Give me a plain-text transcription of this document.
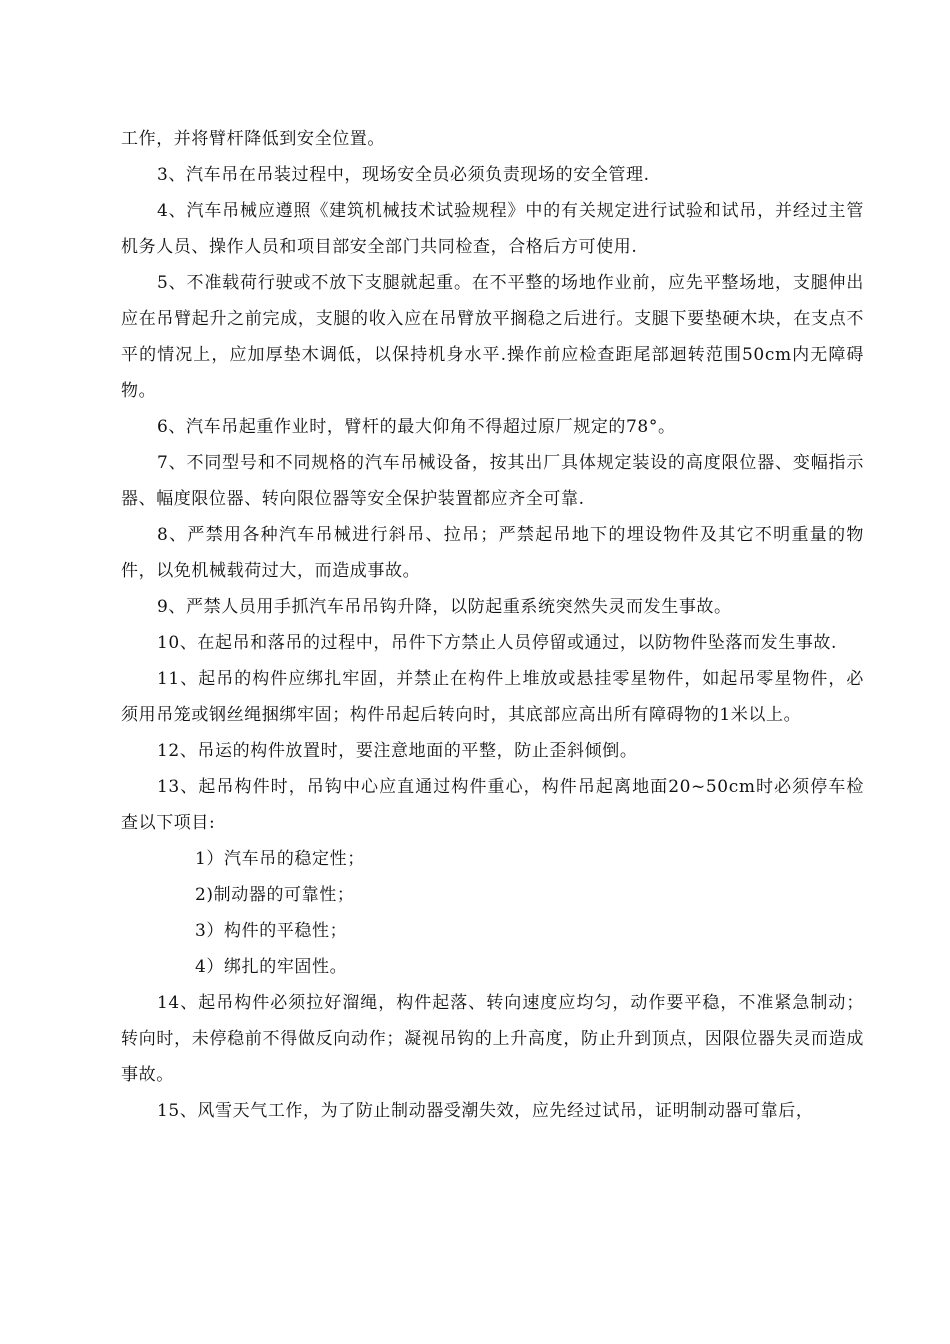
工作，并将臂杆降低到安全位置。

3、汽车吊在吊装过程中，现场安全员必须负责现场的安全管理.

4、汽车吊械应遵照《建筑机械技术试验规程》中的有关规定进行试验和试吊，并经过主管机务人员、操作人员和项目部安全部门共同检查，合格后方可使用.

5、不准载荷行驶或不放下支腿就起重。在不平整的场地作业前，应先平整场地，支腿伸出应在吊臂起升之前完成，支腿的收入应在吊臂放平搁稳之后进行。支腿下要垫硬木块，在支点不平的情况上，应加厚垫木调低，以保持机身水平.操作前应检查距尾部迴转范围50cm内无障碍物。

6、汽车吊起重作业时，臂杆的最大仰角不得超过原厂规定的78°。

7、不同型号和不同规格的汽车吊械设备，按其出厂具体规定装设的高度限位器、变幅指示器、幅度限位器、转向限位器等安全保护装置都应齐全可靠.

8、严禁用各种汽车吊械进行斜吊、拉吊；严禁起吊地下的埋设物件及其它不明重量的物件，以免机械载荷过大，而造成事故。

9、严禁人员用手抓汽车吊吊钩升降，以防起重系统突然失灵而发生事故。

10、在起吊和落吊的过程中，吊件下方禁止人员停留或通过，以防物件坠落而发生事故.

11、起吊的构件应绑扎牢固，并禁止在构件上堆放或悬挂零星物件，如起吊零星物件，必须用吊笼或钢丝绳捆绑牢固；构件吊起后转向时，其底部应高出所有障碍物的1米以上。

12、吊运的构件放置时，要注意地面的平整，防止歪斜倾倒。

13、起吊构件时，吊钩中心应直通过构件重心，构件吊起离地面20~50cm时必须停车检查以下项目:

1）汽车吊的稳定性；

2)制动器的可靠性；

3）构件的平稳性；

4）绑扎的牢固性。

14、起吊构件必须拉好溜绳，构件起落、转向速度应均匀，动作要平稳，不准紧急制动；转向时，未停稳前不得做反向动作；凝视吊钩的上升高度，防止升到顶点，因限位器失灵而造成事故。

15、风雪天气工作，为了防止制动器受潮失效，应先经过试吊，证明制动器可靠后，
